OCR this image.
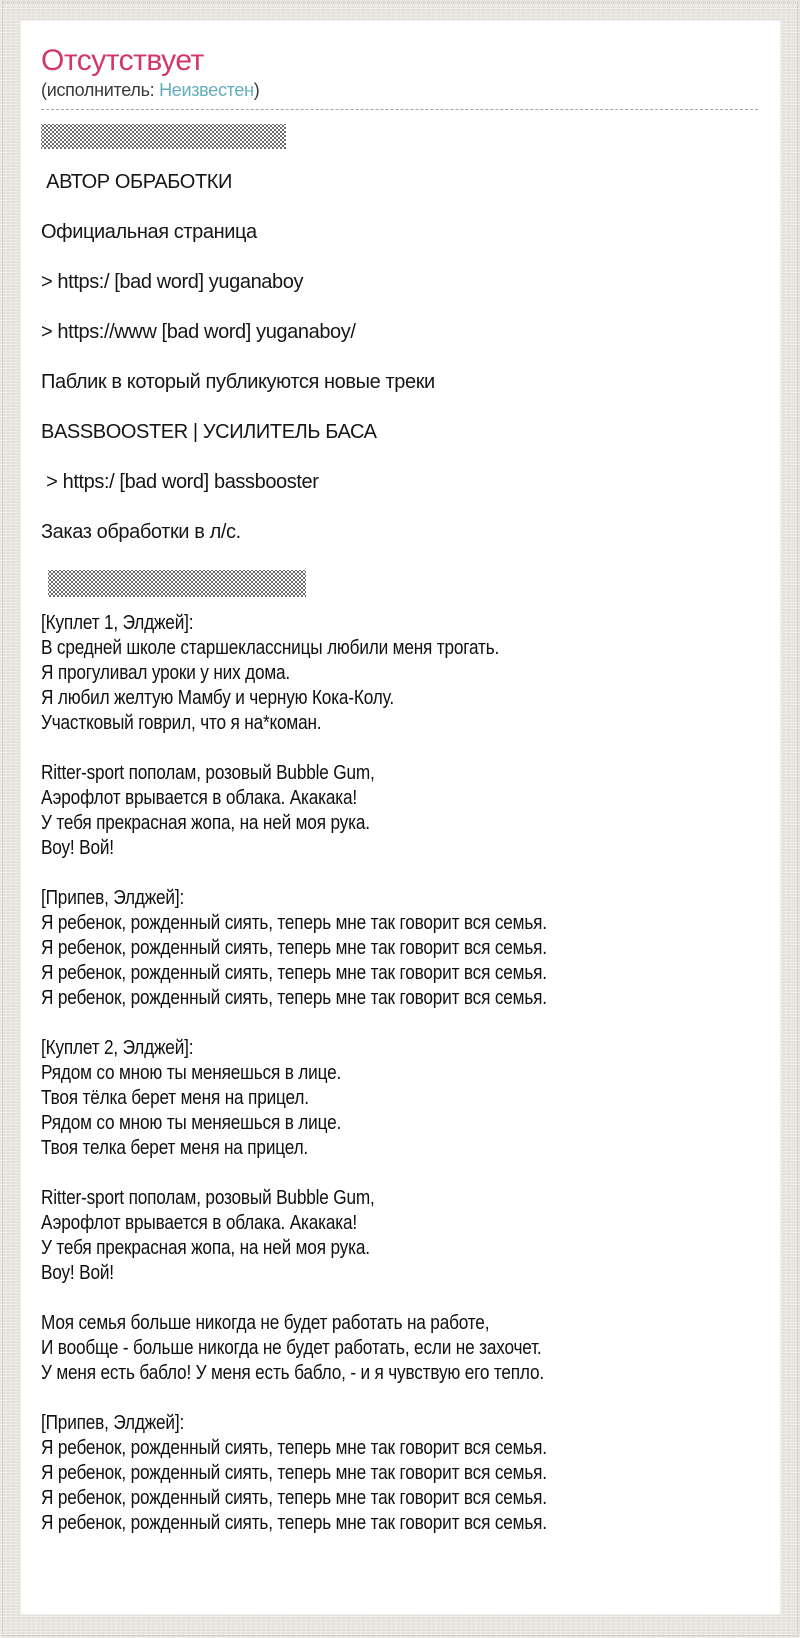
Отсутствует
(исполнитель: Неизвестен)
АВТОР ОБРАБОТКИ
Официальная страница
> https:/ [bad word] yuganaboy
> https://www [bad word] yuganaboy/
Паблик в который публикуются новые треки
BASSBOOSTER | УСИЛИТЕЛЬ БАСА
> https:/ [bad word] bassbooster
Заказ обработки в л/с.
[Куплет 1, Элджей]:
В средней школе старшеклассницы любили меня трогать.
Я прогуливал уроки у них дома.
Я любил желтую Мамбу и черную Кока-Колу.
Участковый говрил, что я на*коман.
Ritter-sport пополам, розовый Bubble Gum,
Аэрофлот врывается в облака. Акакака!
У тебя прекрасная жопа, на ней моя рука.
Воу! Вой!
[Припев, Элджей]:
Я ребенок, рожденный сиять, теперь мне так говорит вся семья.
Я ребенок, рожденный сиять, теперь мне так говорит вся семья.
Я ребенок, рожденный сиять, теперь мне так говорит вся семья.
Я ребенок, рожденный сиять, теперь мне так говорит вся семья.
[Куплет 2, Элджей]:
Рядом со мною ты меняешься в лице.
Твоя тёлка берет меня на прицел.
Рядом со мною ты меняешься в лице.
Твоя телка берет меня на прицел.
Ritter-sport пополам, розовый Bubble Gum,
Аэрофлот врывается в облака. Акакака!
У тебя прекрасная жопа, на ней моя рука.
Воу! Вой!
Моя семья больше никогда не будет работать на работе,
И вообще - больше никогда не будет работать, если не захочет.
У меня есть бабло! У меня есть бабло, - и я чувствую его тепло.
[Припев, Элджей]:
Я ребенок, рожденный сиять, теперь мне так говорит вся семья.
Я ребенок, рожденный сиять, теперь мне так говорит вся семья.
Я ребенок, рожденный сиять, теперь мне так говорит вся семья.
Я ребенок, рожденный сиять, теперь мне так говорит вся семья.
